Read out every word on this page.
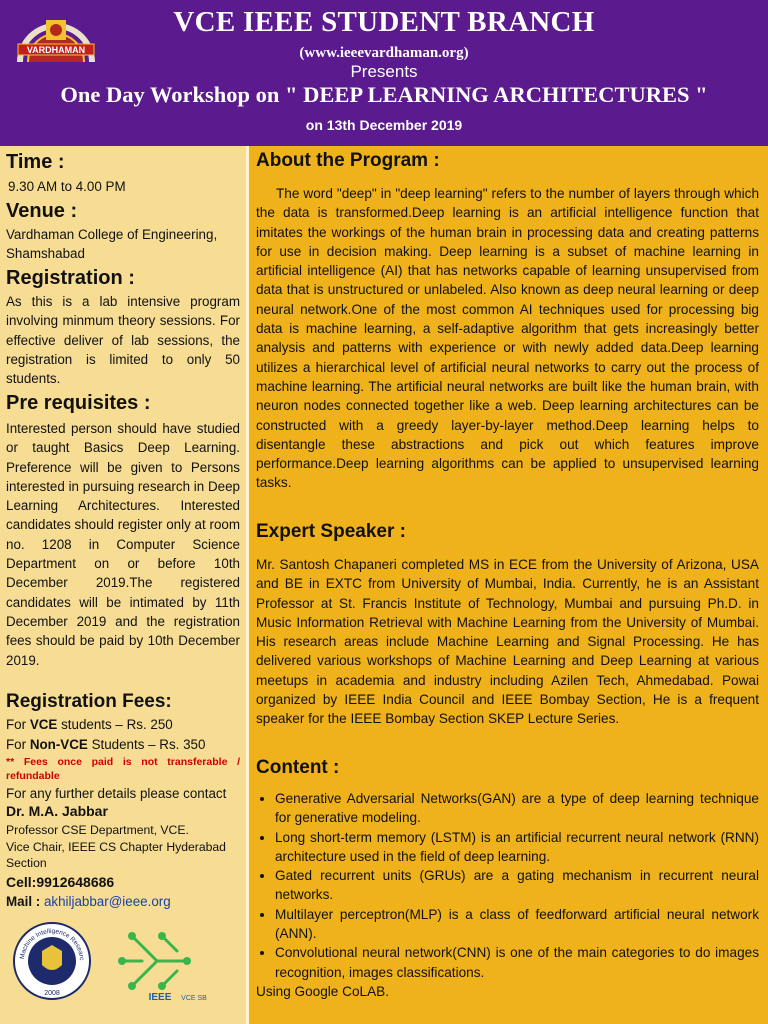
VARDHAMAN
VCE IEEE STUDENT BRANCH
(www.ieeevardhaman.org)
Presents
One Day Workshop on " DEEP LEARNING ARCHITECTURES "
on 13th December 2019
Time :
9.30 AM to 4.00 PM
Venue :
Vardhaman College of Engineering, Shamshabad
Registration :
As this is a lab intensive program involving minmum theory sessions. For effective deliver of lab sessions, the registration is limited to only 50 students.
Pre requisites :
Interested person should have studied or taught Basics Deep Learning. Preference will be given to Persons interested in pursuing research in Deep Learning Architectures. Interested candidates should register only at room no. 1208 in Computer Science Department on or before 10th December 2019.The registered candidates will be intimated by 11th December 2019 and the registration fees should be paid by 10th December 2019.
Registration Fees:
For VCE students – Rs. 250
For Non-VCE Students – Rs. 350
** Fees once paid is not transferable / refundable
For any further details please contact
Dr. M.A. Jabbar
Professor CSE Department, VCE.
Vice Chair, IEEE CS Chapter Hyderabad Section
Cell:9912648686
Mail : akhiljabbar@ieee.org
Machine Intelligence Researc
2008	IEEE VCE SB
About the Program :
The word "deep" in "deep learning" refers to the number of layers through which the data is transformed.Deep learning is an artificial intelligence function that imitates the workings of the human brain in processing data and creating patterns for use in decision making. Deep learning is a subset of machine learning in artificial intelligence (AI) that has networks capable of learning unsupervised from data that is unstructured or unlabeled. Also known as deep neural learning or deep neural network.One of the most common AI techniques used for processing big data is machine learning, a self-adaptive algorithm that gets increasingly better analysis and patterns with experience or with newly added data.Deep learning utilizes a hierarchical level of artificial neural networks to carry out the process of machine learning. The artificial neural networks are built like the human brain, with neuron nodes connected together like a web. Deep learning architectures can be constructed with a greedy layer-by-layer method.Deep learning helps to disentangle these abstractions and pick out which features improve performance.Deep learning algorithms can be applied to unsupervised learning tasks.
Expert Speaker :
Mr. Santosh Chapaneri completed MS in ECE from the University of Arizona, USA and BE in EXTC from University of Mumbai, India. Currently, he is an Assistant Professor at St. Francis Institute of Technology, Mumbai and pursuing Ph.D. in Music Information Retrieval with Machine Learning from the University of Mumbai. His research areas include Machine Learning and Signal Processing. He has delivered various workshops of Machine Learning and Deep Learning at various meetups in academia and industry including Azilen Tech, Ahmedabad. Powai organized by IEEE India Council and IEEE Bombay Section, He is a frequent speaker for the IEEE Bombay Section SKEP Lecture Series.
Content :
• Generative Adversarial Networks(GAN) are a type of deep learning technique for generative modeling.
• Long short-term memory (LSTM) is an artificial recurrent neural network (RNN) architecture used in the field of deep learning.
• Gated recurrent units (GRUs) are a gating mechanism in recurrent neural networks.
• Multilayer perceptron(MLP) is a class of feedforward artificial neural network (ANN).
• Convolutional neural network(CNN) is one of the main categories to do images recognition, images classifications.
Using Google CoLAB.
